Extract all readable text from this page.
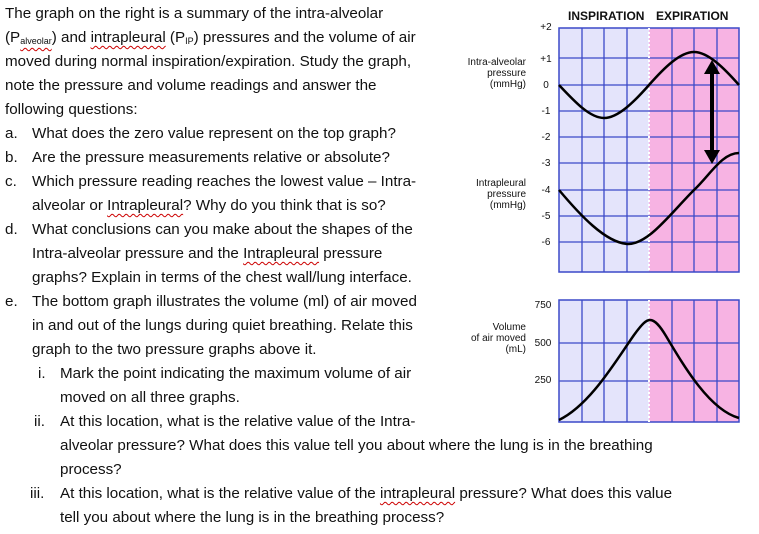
The graph on the right is a summary of the intra-alveolar
$(P_{alveolar})$ and intrapleural $(P_{IP})$ pressures and the volume of air
moved during normal inspiration/expiration. Study the graph,
note the pressure and volume readings and answer the
following questions:
a. What does the zero value represent on the top graph?
b. Are the pressure measurements relative or absolute?
c. Which pressure reading reaches the lowest value – Intra-
alveolar or Intrapleural? Why do you think that is so?
d. What conclusions can you make about the shapes of the
Intra-alveolar pressure and the Intrapleural pressure
graphs? Explain in terms of the chest wall/lung interface.
e. The bottom graph illustrates the volume (ml) of air moved
in and out of the lungs during quiet breathing. Relate this
graph to the two pressure graphs above it.
i. Mark the point indicating the maximum volume of air
moved on all three graphs.
ii. At this location, what is the relative value of the Intra-
alveolar pressure? What does this value tell you about where the lung is in the breathing
process?
iii. At this location, what is the relative value of the intrapleural pressure? What does this value
tell you about where the lung is in the breathing process?
INSPIRATION EXPIRATION
Intra-alveolar
pressure
(mmHg)
Intrapleural
pressure
(mmHg)
Volume
of air moved
(mL)
+2
+1
0
-1
-2
-3
-4
-5
-6
750
500
250
